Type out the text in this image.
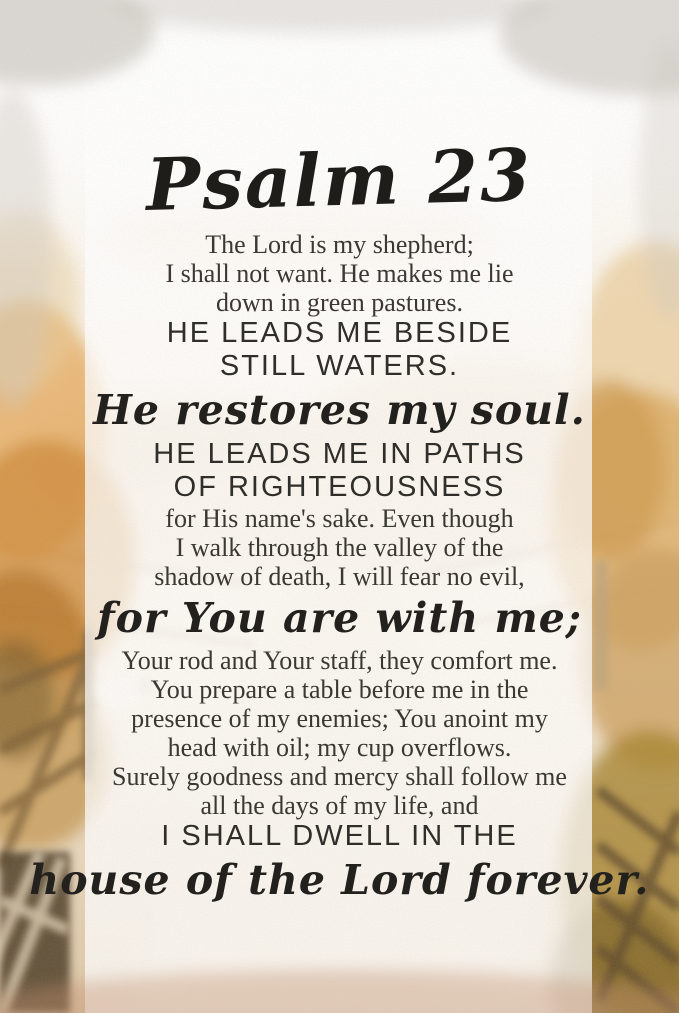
Psalm 23
The Lord is my shepherd;
I shall not want. He makes me lie
down in green pastures.
HE LEADS ME BESIDE
STILL WATERS.
He restores my soul.
HE LEADS ME IN PATHS
OF RIGHTEOUSNESS
for His name's sake. Even though
I walk through the valley of the
shadow of death, I will fear no evil,
for You are with me;
Your rod and Your staff, they comfort me.
You prepare a table before me in the
presence of my enemies; You anoint my
head with oil; my cup overflows.
Surely goodness and mercy shall follow me
all the days of my life, and
I SHALL DWELL IN THE
house of the Lord forever.
